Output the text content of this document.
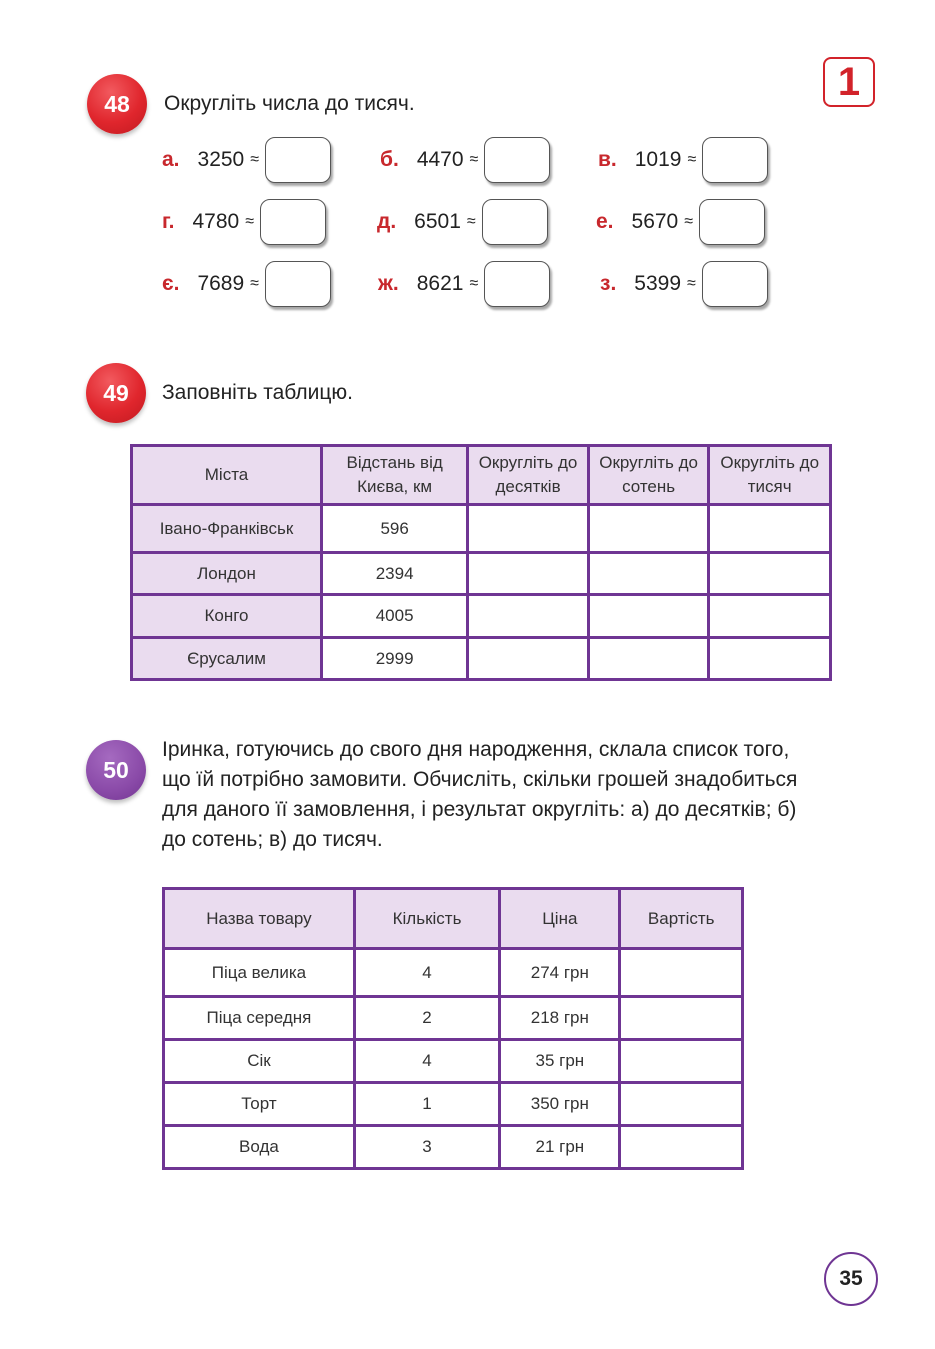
1
48	Округліть числа до тисяч.
а. 3250 ≈	б. 4470 ≈	в. 1019 ≈
г. 4780 ≈	д. 6501 ≈	е. 5670 ≈
є. 7689 ≈	ж. 8621 ≈	з. 5399 ≈
49	Заповніть таблицю.
Міста	Відстань від Києва, км	Округліть до десятків	Округліть до сотень	Округліть до тисяч
Івано-Франківськ	596			
Лондон	2394			
Конго	4005			
Єрусалим	2999			
50
Іринка, готуючись до свого дня народження, склала список того,
що їй потрібно замовити. Обчисліть, скільки грошей знадобиться
для даного її замовлення, і результат округліть: а) до десятків; б)
до сотень; в) до тисяч.
Назва товару	Кількість	Ціна	Вартість
Піца велика	4	274 грн	
Піца середня	2	218 грн	
Сік	4	35 грн	
Торт	1	350 грн	
Вода	3	21 грн	
35
